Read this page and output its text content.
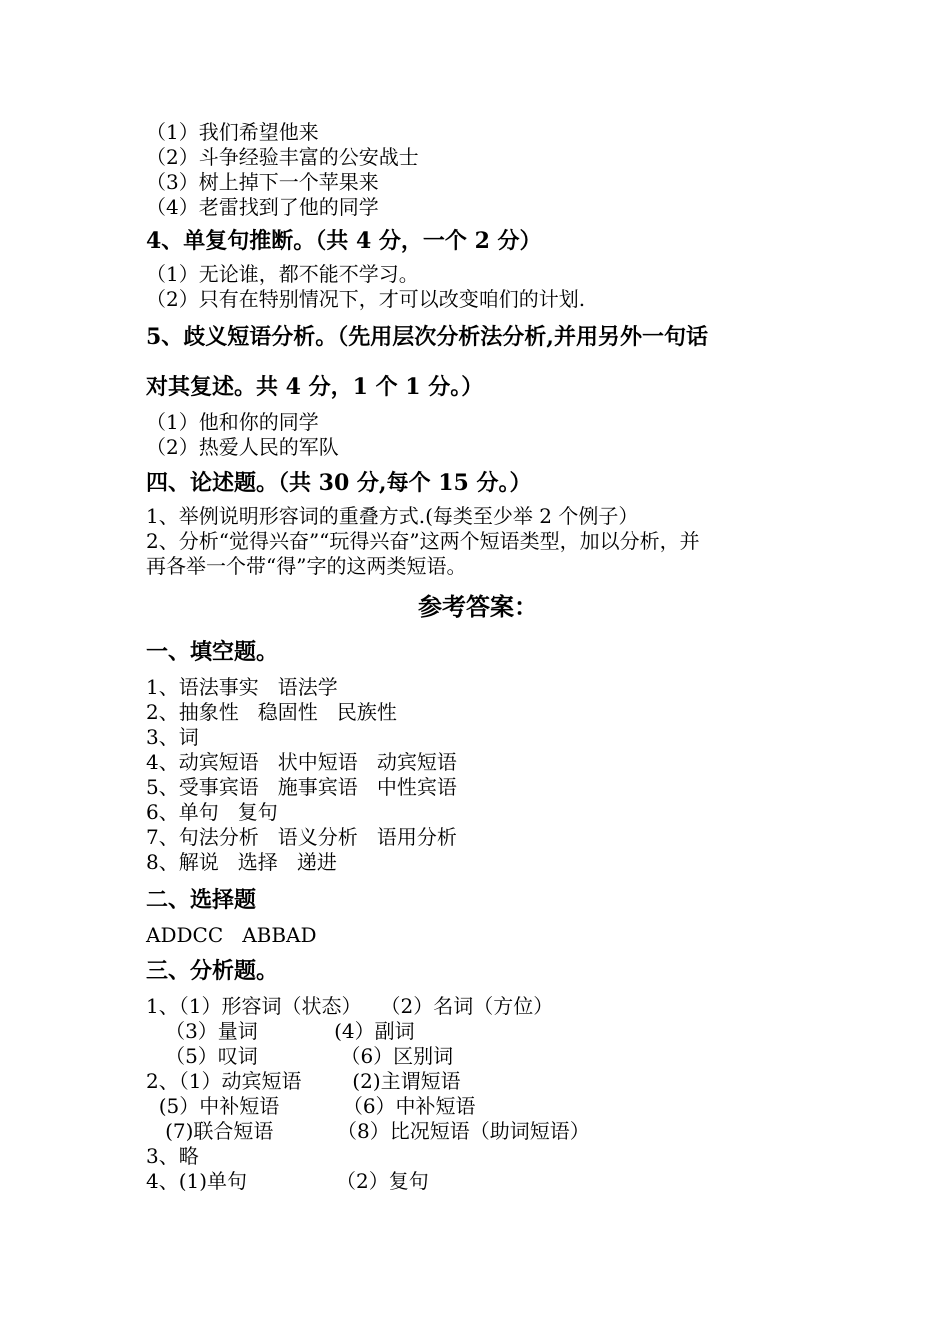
（1）我们希望他来

（2）斗争经验丰富的公安战士

（3）树上掉下一个苹果来

（4）老雷找到了他的同学

4、单复句推断。（共 4 分，一个 2 分）

（1）无论谁，都不能不学习。

（2）只有在特别情况下，才可以改变咱们的计划.

5、歧义短语分析。（先用层次分析法分析,并用另外一句话

对其复述。共 4 分，1 个 1 分。）

（1）他和你的同学

（2）热爱人民的军队

四、论述题。（共 30 分,每个 15 分。）

1、举例说明形容词的重叠方式.(每类至少举 2 个例子）

2、分析“觉得兴奋”“玩得兴奋”这两个短语类型，加以分析，并

再各举一个带“得”字的这两类短语。

参考答案：

一、填空题。

1、语法事实   语法学

2、抽象性   稳固性   民族性

3、词

4、动宾短语   状中短语   动宾短语

5、受事宾语   施事宾语   中性宾语

6、单句   复句

7、句法分析   语义分析   语用分析

8、解说   选择   递进

二、选择题

ADDCC   ABBAD

三、分析题。

1、（1）形容词（状态）   （2）名词（方位）

（3）量词            (4）副词

（5）叹词             （6）区别词

2、（1）动宾短语        (2)主谓短语

(5）中补短语          （6）中补短语

(7)联合短语          （8）比况短语（助词短语）

3、略

4、(1)单句              （2）复句
